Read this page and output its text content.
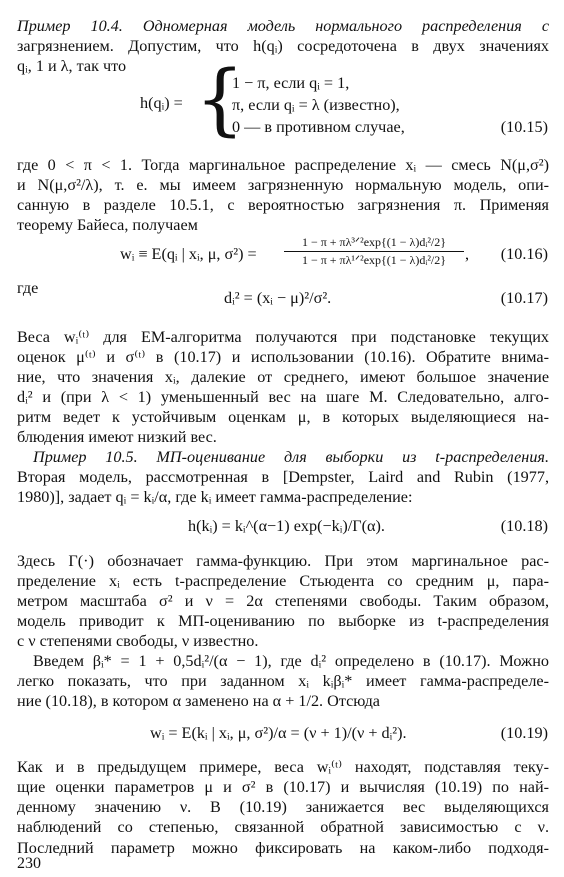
Пример 10.4. Одномерная модель нормального распределения с
загрязнением. Допустим, что h(qᵢ) сосредоточена в двух значениях
qᵢ, 1 и λ, так что
h(qᵢ) = {
1 − π, если qᵢ = 1,
π, если qᵢ = λ (известно),
0 — в противном случае,	(10.15)
где 0 < π < 1. Тогда маргинальное распределение xᵢ — смесь N(μ,σ²)
и N(μ,σ²/λ), т. е. мы имеем загрязненную нормальную модель, опи-
санную в разделе 10.5.1, с вероятностью загрязнения π. Применяя
теорему Байеса, получаем
wᵢ ≡ E(qᵢ | xᵢ, μ, σ²) =
1 − π + πλ³ᐟ²exp{(1 − λ)dᵢ²/2}
1 − π + πλ¹ᐟ²exp{(1 − λ)dᵢ²/2}	, (10.16)
где
dᵢ² = (xᵢ − μ)²/σ².	(10.17)
Веса wᵢ⁽ᵗ⁾ для ЕМ-алгоритма получаются при подстановке текущих
оценок μ⁽ᵗ⁾ и σ⁽ᵗ⁾ в (10.17) и использовании (10.16). Обратите внима-
ние, что значения xᵢ, далекие от среднего, имеют большое значение
dᵢ² и (при λ < 1) уменьшенный вес на шаге М. Следовательно, алго-
ритм ведет к устойчивым оценкам μ, в которых выделяющиеся на-
блюдения имеют низкий вес.
Пример 10.5. МП-оценивание для выборки из t-распределения.
Вторая модель, рассмотренная в [Dempster, Laird and Rubin (1977,
1980)], задает qᵢ = kᵢ/α, где kᵢ имеет гамма-распределение:
h(kᵢ) = kᵢ^(α−1) exp(−kᵢ)/Γ(α).	(10.18)
Здесь Γ(·) обозначает гамма-функцию. При этом маргинальное рас-
пределение xᵢ есть t-распределение Стьюдента со средним μ, пара-
метром масштаба σ² и ν = 2α степенями свободы. Таким образом,
модель приводит к МП-оцениванию по выборке из t-распределения
с ν степенями свободы, ν известно.
Введем βᵢ* = 1 + 0,5dᵢ²/(α − 1), где dᵢ² определено в (10.17). Можно
легко показать, что при заданном xᵢ kᵢβᵢ* имеет гамма-распределе-
ние (10.18), в котором α заменено на α + 1/2. Отсюда
wᵢ = E(kᵢ | xᵢ, μ, σ²)/α = (ν + 1)/(ν + dᵢ²).	(10.19)
Как и в предыдущем примере, веса wᵢ⁽ᵗ⁾ находят, подставляя теку-
щие оценки параметров μ и σ² в (10.17) и вычисляя (10.19) по най-
денному значению ν. В (10.19) занижается вес выделяющихся
наблюдений со степенью, связанной обратной зависимостью с ν.
Последний параметр можно фиксировать на каком-либо подходя-
230
